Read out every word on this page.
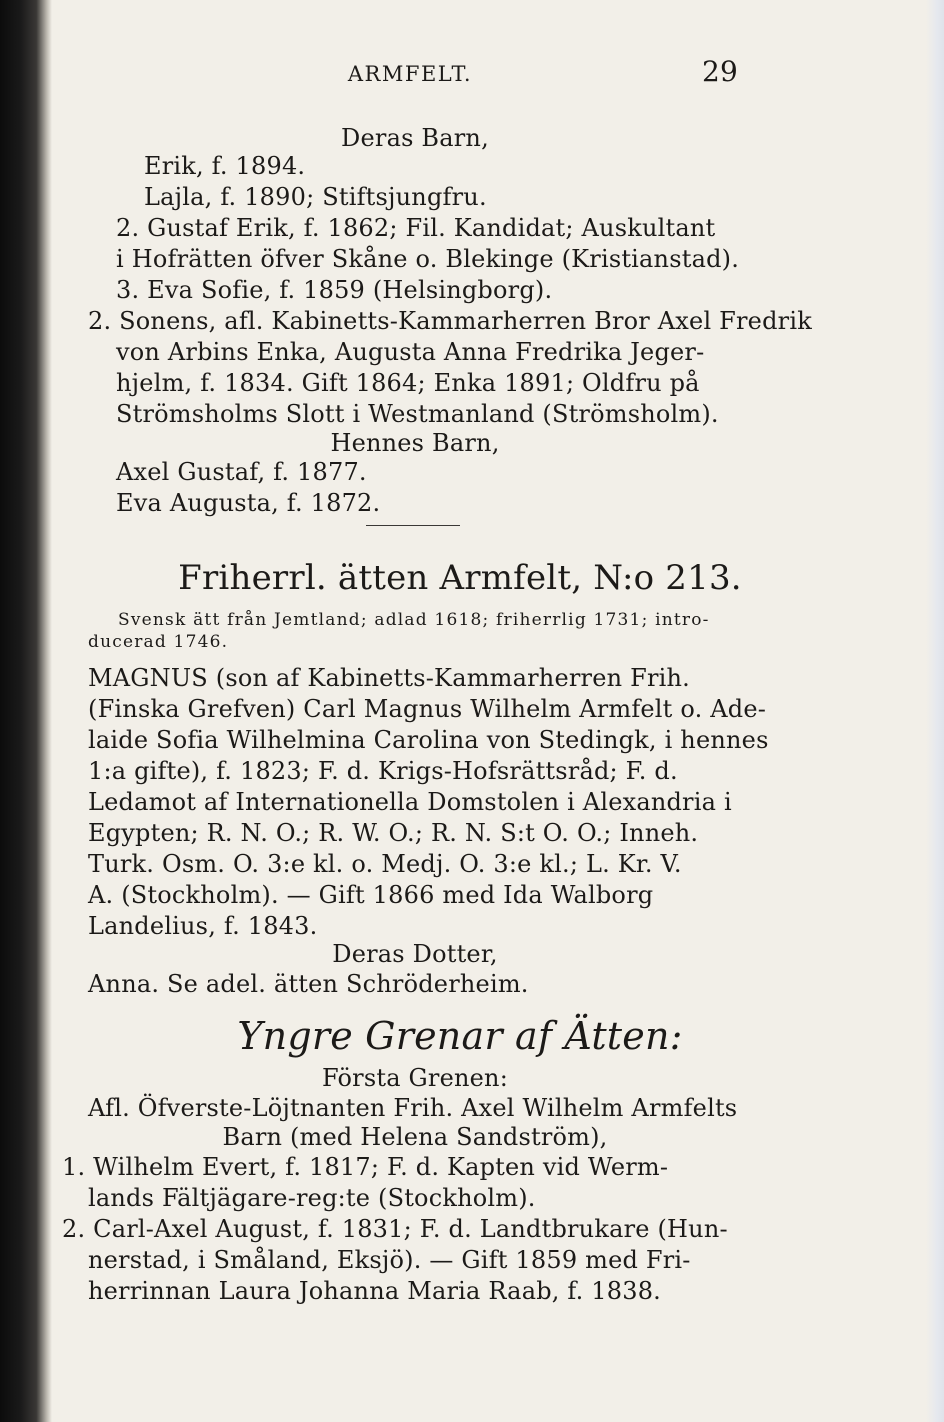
ARMFELT.	29
Deras Barn,
Erik, f. 1894.
Lajla, f. 1890; Stiftsjungfru.
2. Gustaf Erik, f. 1862; Fil. Kandidat; Auskultant
i Hofrätten öfver Skåne o. Blekinge (Kristianstad).
3. Eva Sofie, f. 1859 (Helsingborg).
2. Sonens, afl. Kabinetts-Kammarherren Bror Axel Fredrik
von Arbins Enka, Augusta Anna Fredrika Jeger-
hjelm, f. 1834. Gift 1864; Enka 1891; Oldfru på
Strömsholms Slott i Westmanland (Strömsholm).
Hennes Barn,
Axel Gustaf, f. 1877.
Eva Augusta, f. 1872.
Friherrl. ätten Armfelt, N:o 213.
Svensk ätt från Jemtland; adlad 1618; friherrlig 1731; intro-
ducerad 1746.
MAGNUS (son af Kabinetts-Kammarherren Frih.
(Finska Grefven) Carl Magnus Wilhelm Armfelt o. Ade-
laide Sofia Wilhelmina Carolina von Stedingk, i hennes
1:a gifte), f. 1823; F. d. Krigs-Hofsrättsråd; F. d.
Ledamot af Internationella Domstolen i Alexandria i
Egypten; R. N. O.; R. W. O.; R. N. S:t O. O.; Inneh.
Turk. Osm. O. 3:e kl. o. Medj. O. 3:e kl.; L. Kr. V.
A. (Stockholm). — Gift 1866 med Ida Walborg
Landelius, f. 1843.
Deras Dotter,
Anna. Se adel. ätten Schröderheim.
Yngre Grenar af Ätten:
Första Grenen:
Afl. Öfverste-Löjtnanten Frih. Axel Wilhelm Armfelts
Barn (med Helena Sandström),
1. Wilhelm Evert, f. 1817; F. d. Kapten vid Werm-
lands Fältjägare-reg:te (Stockholm).
2. Carl-Axel August, f. 1831; F. d. Landtbrukare (Hun-
nerstad, i Småland, Eksjö). — Gift 1859 med Fri-
herrinnan Laura Johanna Maria Raab, f. 1838.
